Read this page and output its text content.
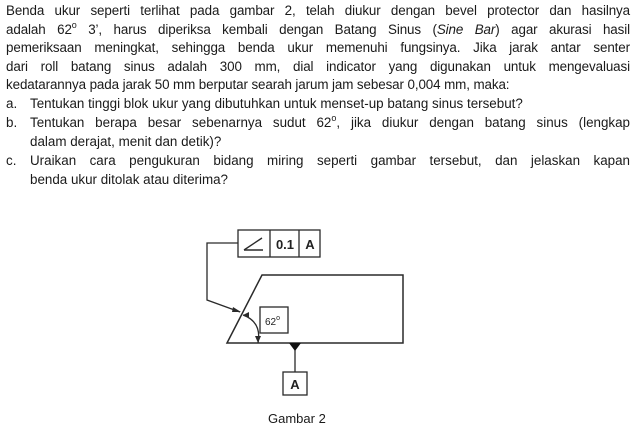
Benda ukur seperti terlihat pada gambar 2, telah diukur dengan bevel protector dan hasilnya
adalah 62$^o$ 3’, harus diperiksa kembali dengan Batang Sinus (Sine Bar) agar akurasi hasil
pemeriksaan meningkat, sehingga benda ukur memenuhi fungsinya. Jika jarak antar senter
dari roll batang sinus adalah 300 mm, dial indicator yang digunakan untuk mengevaluasi
kedatarannya pada jarak 50 mm berputar searah jarum jam sebesar 0,004 mm, maka:
a. Tentukan tinggi blok ukur yang dibutuhkan untuk menset-up batang sinus tersebut?
b. Tentukan berapa besar sebenarnya sudut 62$^o$, jika diukur dengan batang sinus (lengkap
dalam derajat, menit dan detik)?
c. Uraikan cara pengukuran bidang miring seperti gambar tersebut, dan jelaskan kapan
benda ukur ditolak atau diterima?
0.1 A
62$^o$
A
Gambar 2
